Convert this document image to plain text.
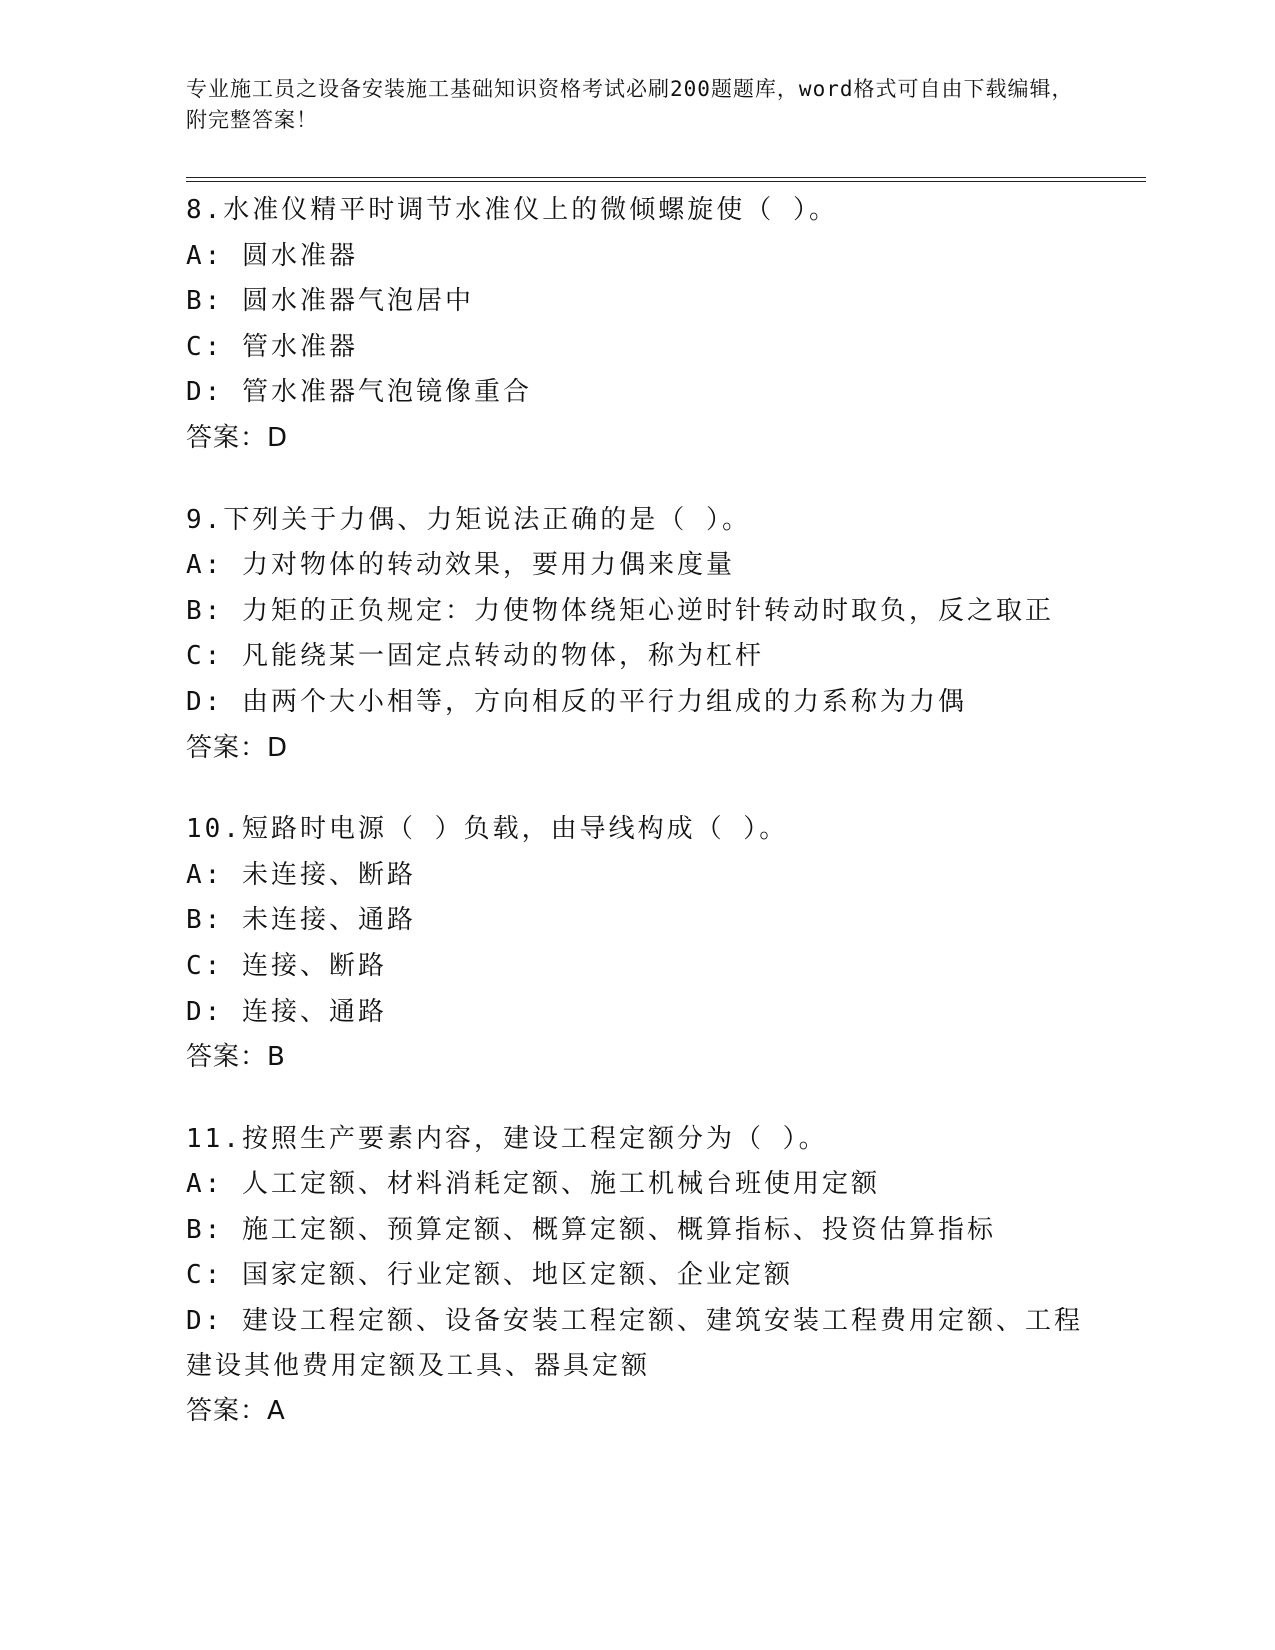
专业施工员之设备安装施工基础知识资格考试必刷200题题库，word格式可自由下载编辑，附完整答案！
8.水准仪精平时调节水准仪上的微倾螺旋使（ ）。
A: 圆水准器
B: 圆水准器气泡居中
C: 管水准器
D: 管水准器气泡镜像重合
答案：D
9.下列关于力偶、力矩说法正确的是（ ）。
A: 力对物体的转动效果，要用力偶来度量
B: 力矩的正负规定：力使物体绕矩心逆时针转动时取负，反之取正
C: 凡能绕某一固定点转动的物体，称为杠杆
D: 由两个大小相等，方向相反的平行力组成的力系称为力偶
答案：D
10.短路时电源（ ）负载，由导线构成（ ）。
A: 未连接、断路
B: 未连接、通路
C: 连接、断路
D: 连接、通路
答案：B
11.按照生产要素内容，建设工程定额分为（ ）。
A: 人工定额、材料消耗定额、施工机械台班使用定额
B: 施工定额、预算定额、概算定额、概算指标、投资估算指标
C: 国家定额、行业定额、地区定额、企业定额
D: 建设工程定额、设备安装工程定额、建筑安装工程费用定额、工程建设其他费用定额及工具、器具定额
答案：A
